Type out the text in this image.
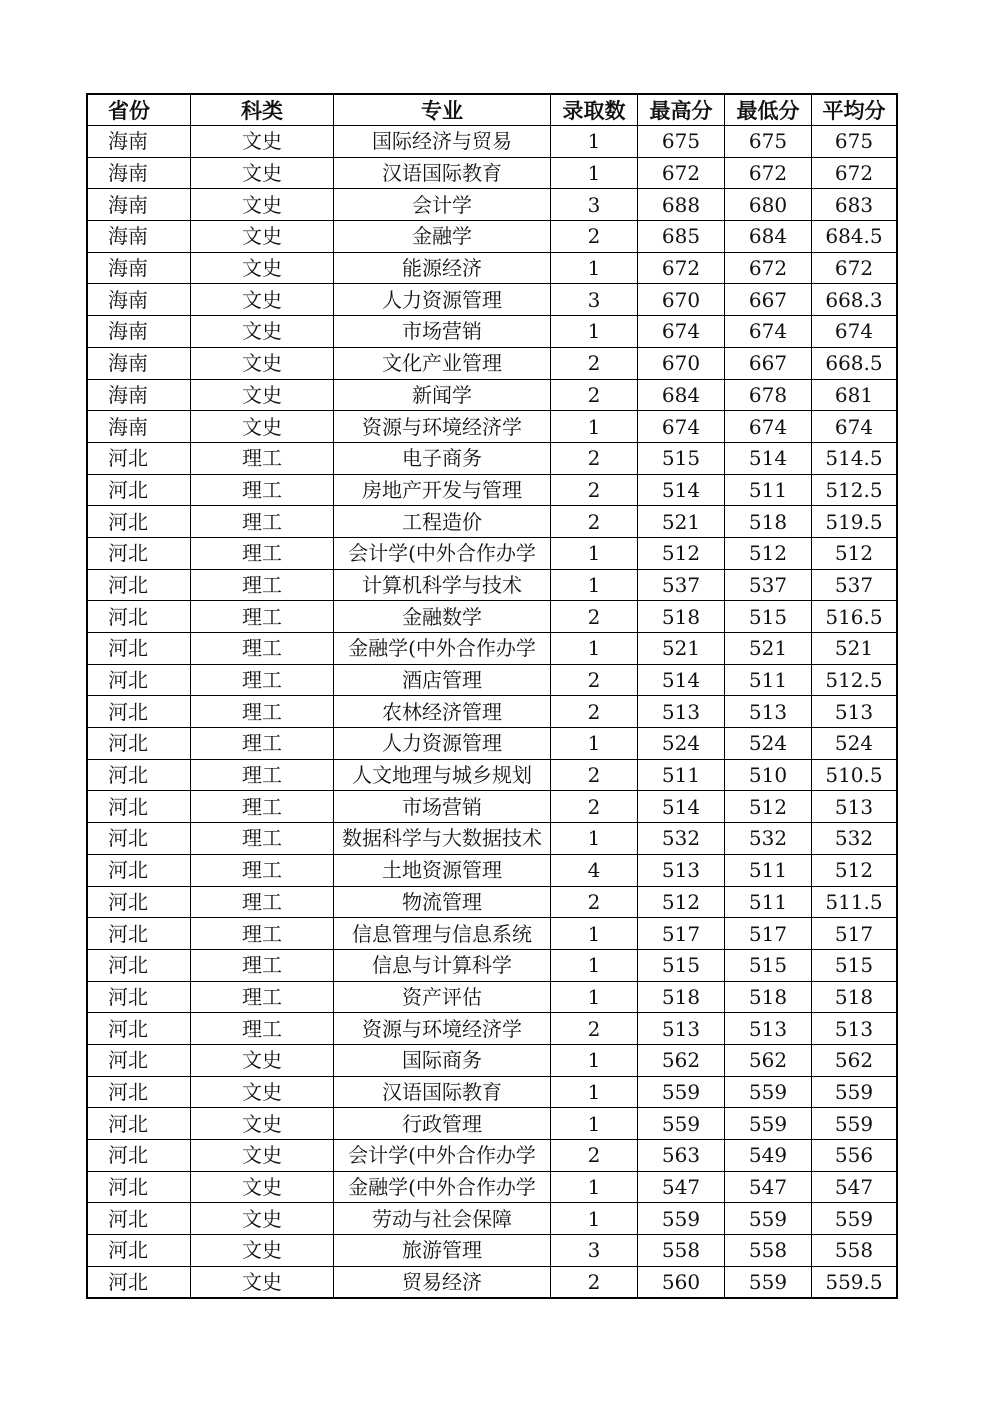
省份	科类	专业	录取数	最高分	最低分	平均分
海南	文史	国际经济与贸易	1	675	675	675
海南	文史	汉语国际教育	1	672	672	672
海南	文史	会计学	3	688	680	683
海南	文史	金融学	2	685	684	684.5
海南	文史	能源经济	1	672	672	672
海南	文史	人力资源管理	3	670	667	668.3
海南	文史	市场营销	1	674	674	674
海南	文史	文化产业管理	2	670	667	668.5
海南	文史	新闻学	2	684	678	681
海南	文史	资源与环境经济学	1	674	674	674
河北	理工	电子商务	2	515	514	514.5
河北	理工	房地产开发与管理	2	514	511	512.5
河北	理工	工程造价	2	521	518	519.5
河北	理工	会计学(中外合作办学	1	512	512	512
河北	理工	计算机科学与技术	1	537	537	537
河北	理工	金融数学	2	518	515	516.5
河北	理工	金融学(中外合作办学	1	521	521	521
河北	理工	酒店管理	2	514	511	512.5
河北	理工	农林经济管理	2	513	513	513
河北	理工	人力资源管理	1	524	524	524
河北	理工	人文地理与城乡规划	2	511	510	510.5
河北	理工	市场营销	2	514	512	513
河北	理工	数据科学与大数据技术	1	532	532	532
河北	理工	土地资源管理	4	513	511	512
河北	理工	物流管理	2	512	511	511.5
河北	理工	信息管理与信息系统	1	517	517	517
河北	理工	信息与计算科学	1	515	515	515
河北	理工	资产评估	1	518	518	518
河北	理工	资源与环境经济学	2	513	513	513
河北	文史	国际商务	1	562	562	562
河北	文史	汉语国际教育	1	559	559	559
河北	文史	行政管理	1	559	559	559
河北	文史	会计学(中外合作办学	2	563	549	556
河北	文史	金融学(中外合作办学	1	547	547	547
河北	文史	劳动与社会保障	1	559	559	559
河北	文史	旅游管理	3	558	558	558
河北	文史	贸易经济	2	560	559	559.5
